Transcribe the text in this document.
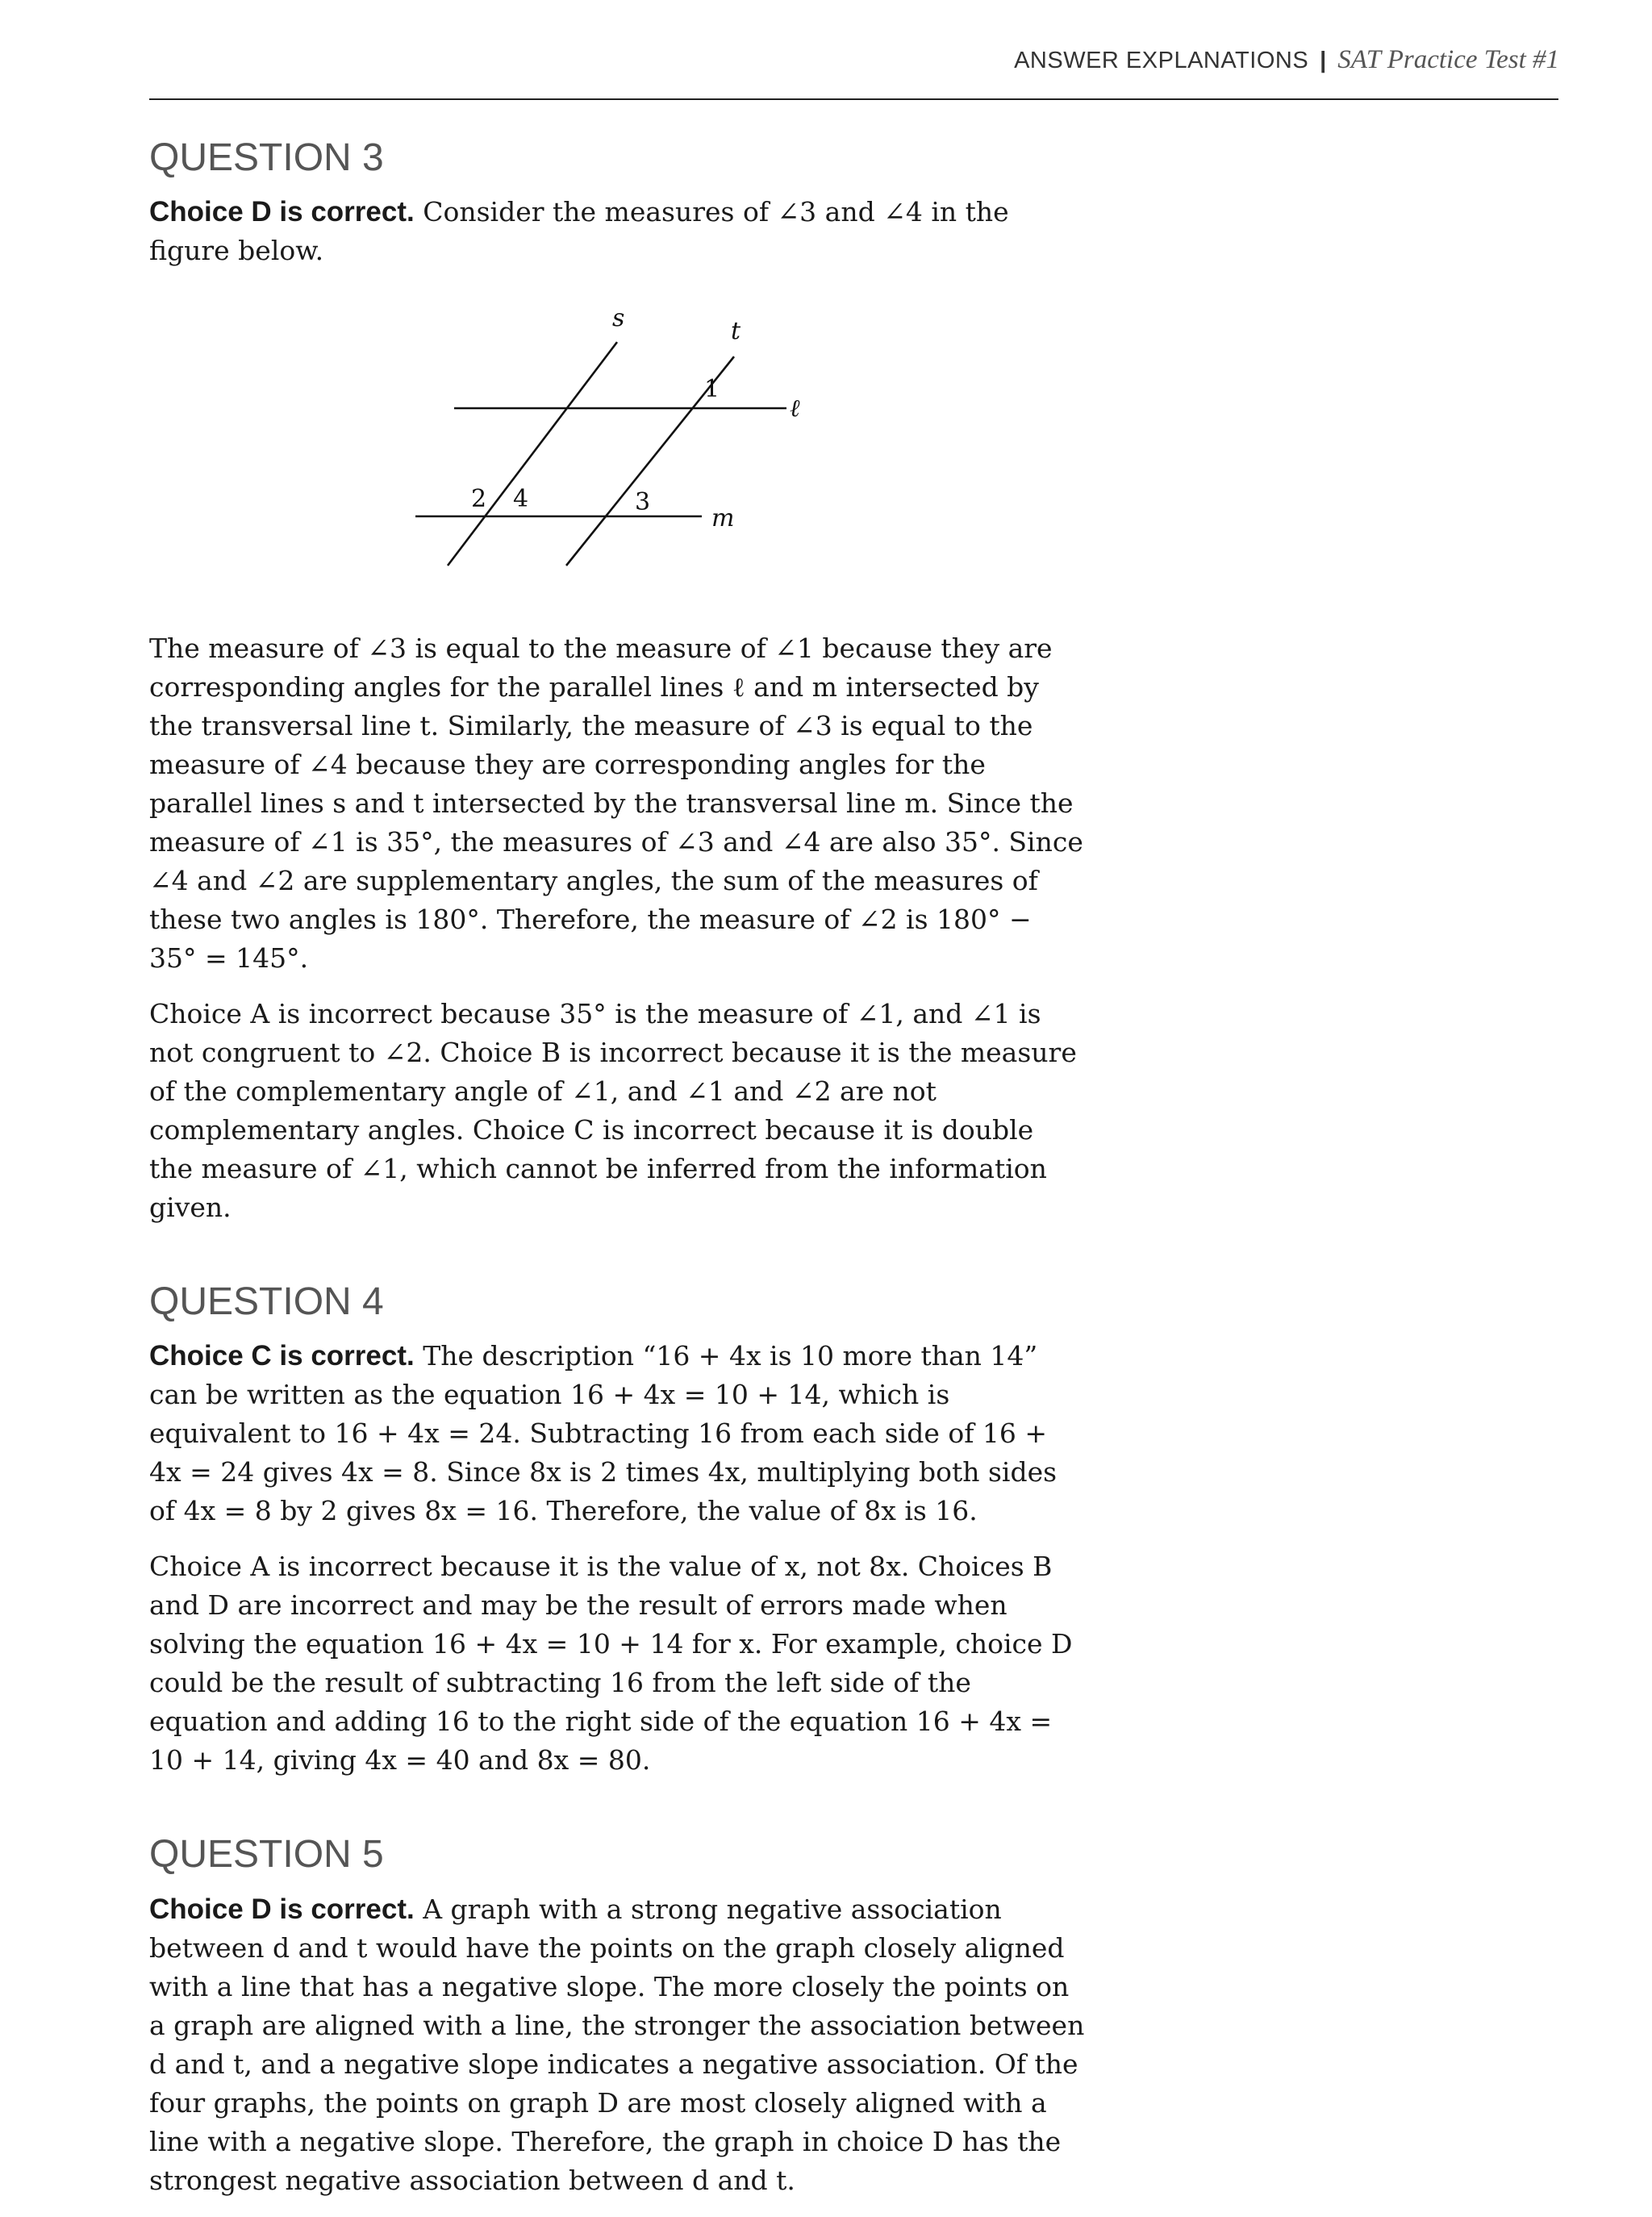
ANSWER EXPLANATIONS | SAT Practice Test #1
QUESTION 3

Choice D is correct. Consider the measures of ∠3 and ∠4 in the figure below.

s	t
ℓ
m
1
2	3
4

The measure of ∠3 is equal to the measure of ∠1 because they are corresponding angles for the parallel lines ℓ and m intersected by the transversal line t. Similarly, the measure of ∠3 is equal to the measure of ∠4 because they are corresponding angles for the parallel lines s and t intersected by the transversal line m. Since the measure of ∠1 is 35°, the measures of ∠3 and ∠4 are also 35°. Since ∠4 and ∠2 are supplementary angles, the sum of the measures of these two angles is 180°. Therefore, the measure of ∠2 is 180° − 35° = 145°.

Choice A is incorrect because 35° is the measure of ∠1, and ∠1 is not congruent to ∠2. Choice B is incorrect because it is the measure of the complementary angle of ∠1, and ∠1 and ∠2 are not complementary angles. Choice C is incorrect because it is double the measure of ∠1, which cannot be inferred from the information given.

QUESTION 4

Choice C is correct. The description “16 + 4x is 10 more than 14” can be written as the equation 16 + 4x = 10 + 14, which is equivalent to 16 + 4x = 24. Subtracting 16 from each side of 16 + 4x = 24 gives 4x = 8. Since 8x is 2 times 4x, multiplying both sides of 4x = 8 by 2 gives 8x = 16. Therefore, the value of 8x is 16.

Choice A is incorrect because it is the value of x, not 8x. Choices B and D are incorrect and may be the result of errors made when solving the equation 16 + 4x = 10 + 14 for x. For example, choice D could be the result of subtracting 16 from the left side of the equation and adding 16 to the right side of the equation 16 + 4x = 10 + 14, giving 4x = 40 and 8x = 80.

QUESTION 5

Choice D is correct. A graph with a strong negative association between d and t would have the points on the graph closely aligned with a line that has a negative slope. The more closely the points on a graph are aligned with a line, the stronger the association between d and t, and a negative slope indicates a negative association. Of the four graphs, the points on graph D are most closely aligned with a line with a negative slope. Therefore, the graph in choice D has the strongest negative association between d and t.
